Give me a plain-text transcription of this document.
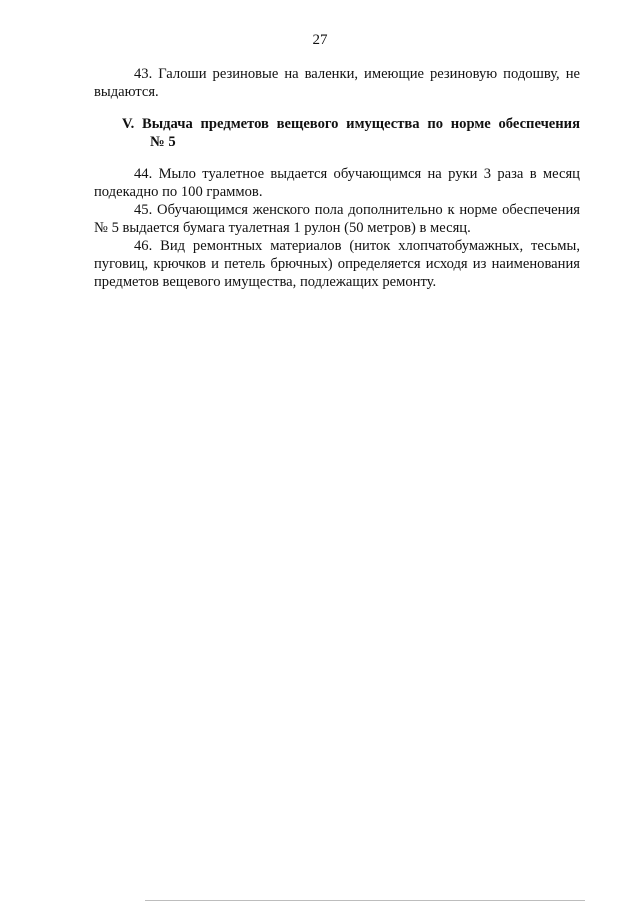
27

43. Галоши резиновые на валенки, имеющие резиновую подошву, не выдаются.

V. Выдача предметов вещевого имущества по норме обеспечения
№ 5

44. Мыло туалетное выдается обучающимся на руки 3 раза в месяц подекадно по 100 граммов.

45. Обучающимся женского пола дополнительно к норме обеспечения № 5 выдается бумага туалетная 1 рулон (50 метров) в месяц.

46. Вид ремонтных материалов (ниток хлопчатобумажных, тесьмы, пуговиц, крючков и петель брючных) определяется исходя из наименования предметов вещевого имущества, подлежащих ремонту.
